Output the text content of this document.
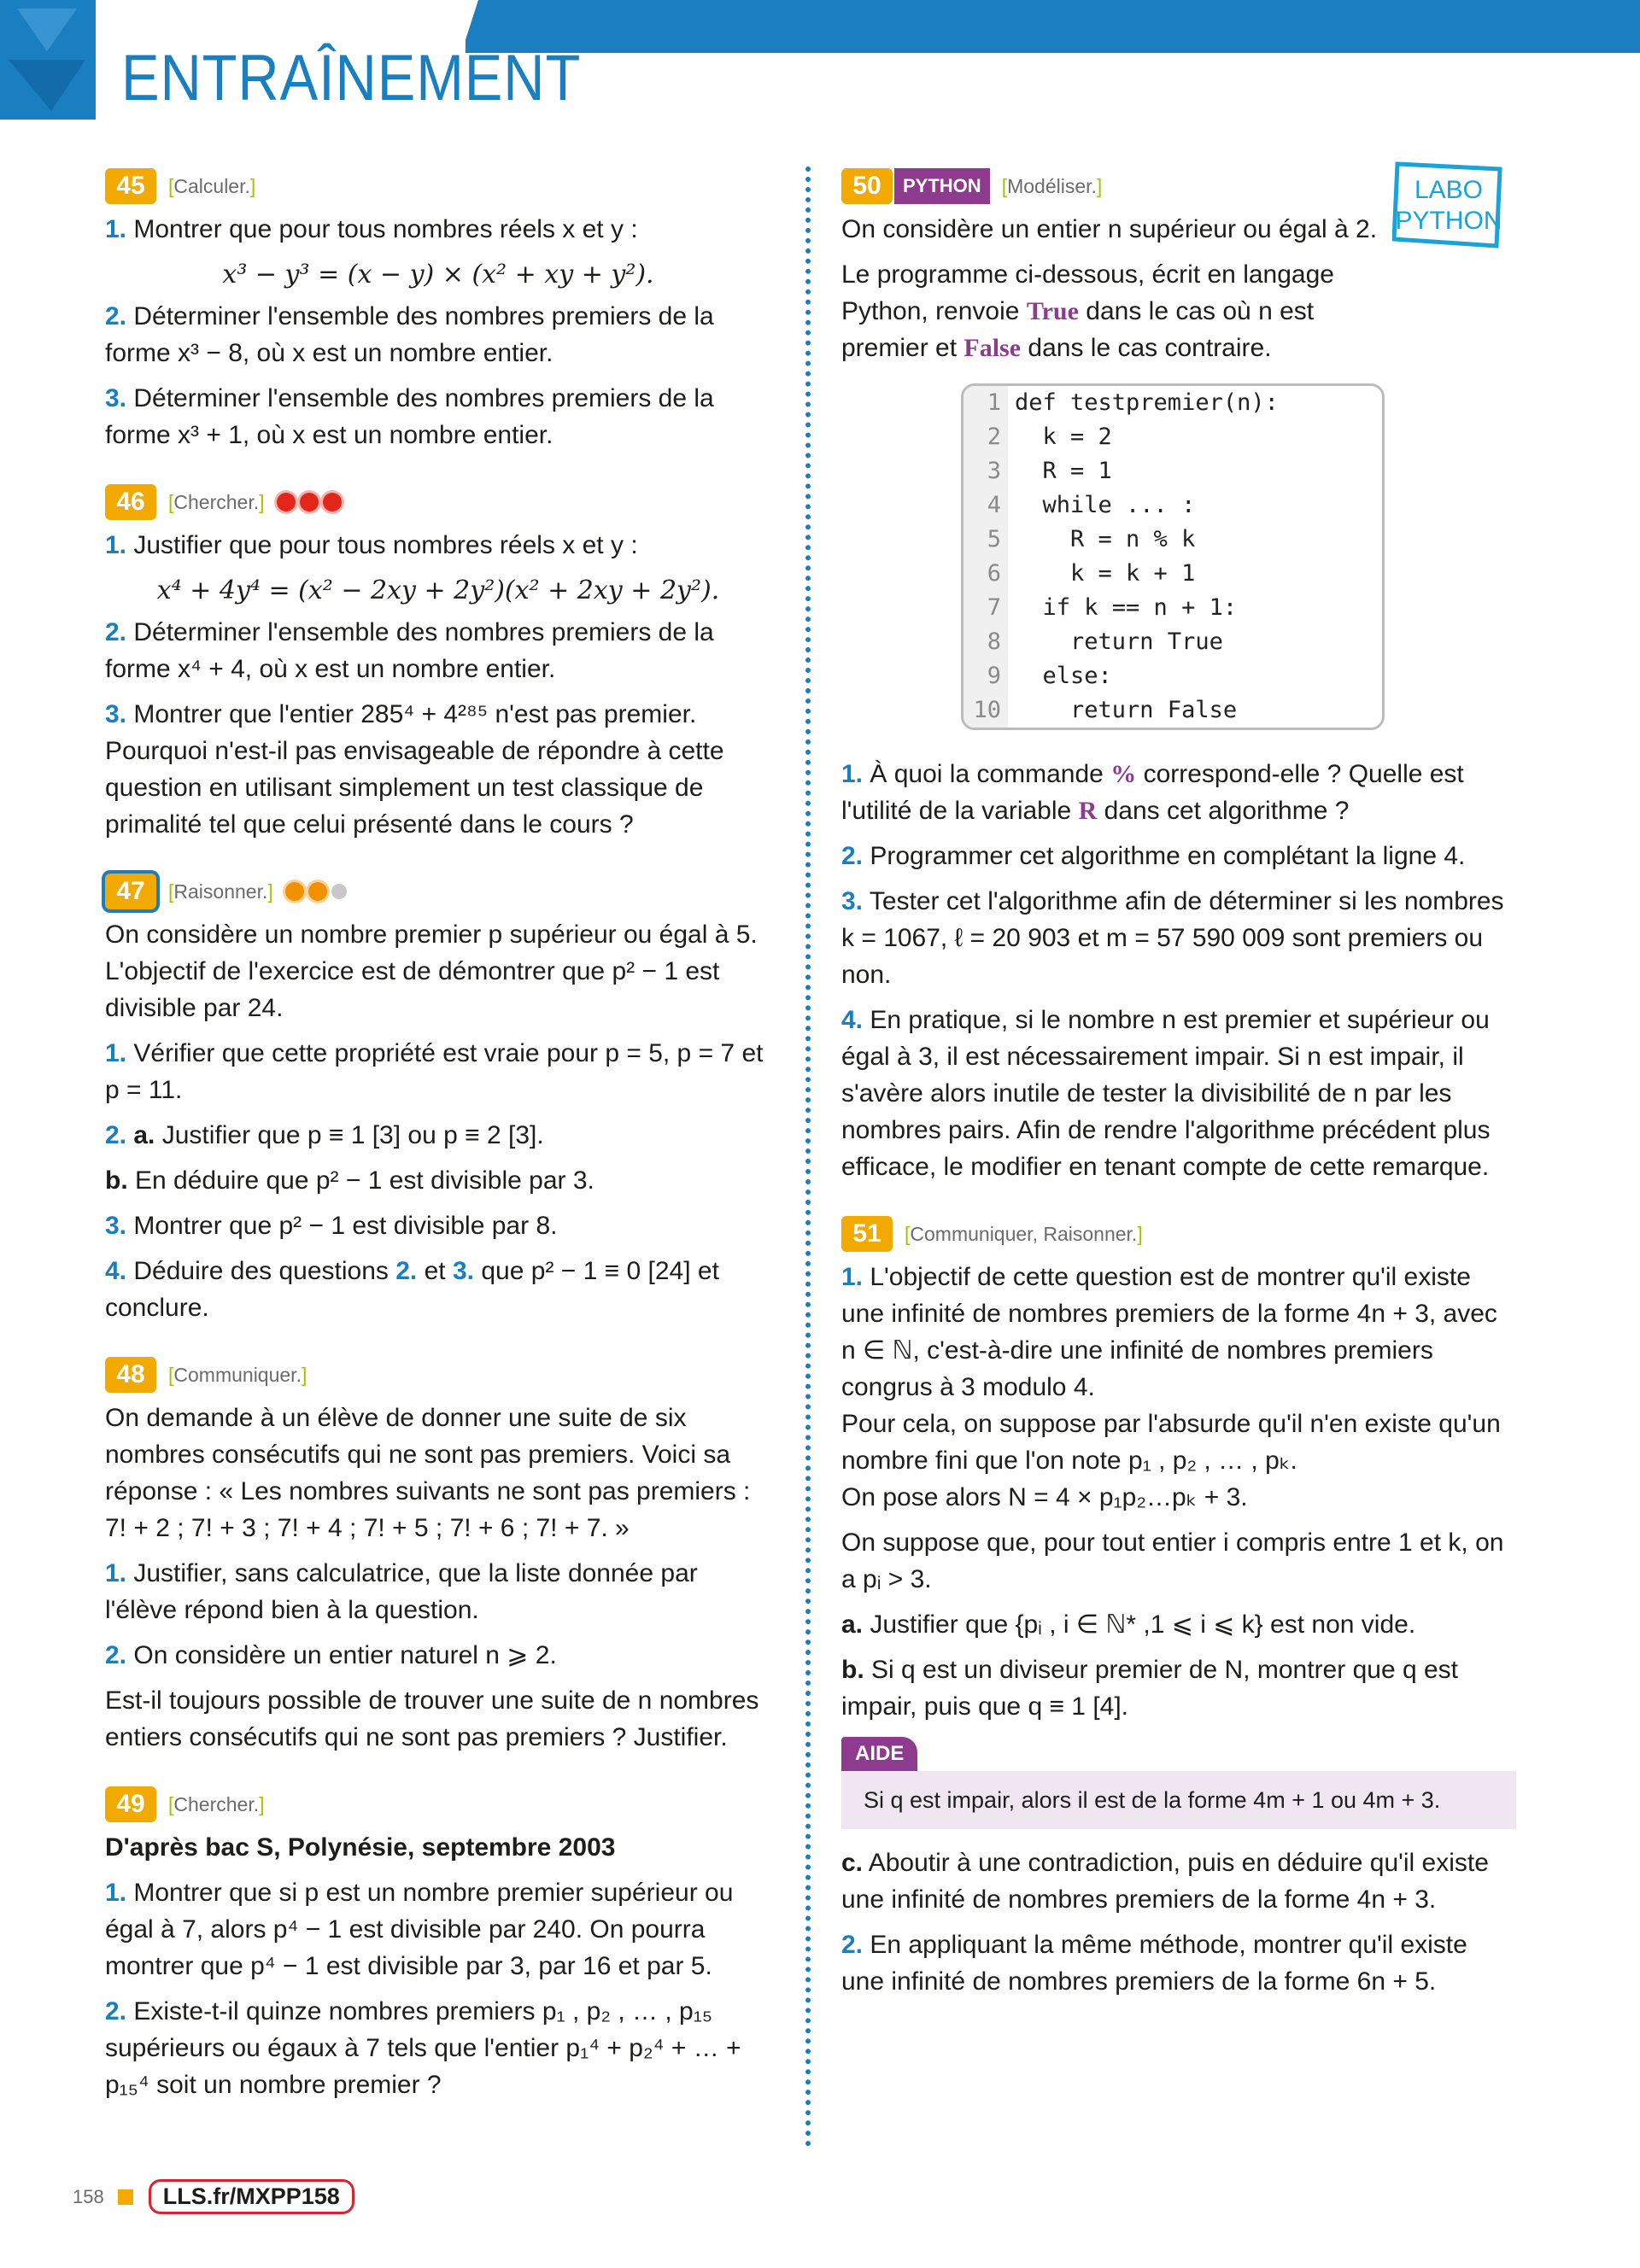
ENTRAÎNEMENT
45	[Calculer.]

1. Montrer que pour tous nombres réels x et y :

x³ − y³ = (x − y) × (x² + xy + y²).

2. Déterminer l'ensemble des nombres premiers de la forme x³ − 8, où x est un nombre entier.

3. Déterminer l'ensemble des nombres premiers de la forme x³ + 1, où x est un nombre entier.

46	[Chercher.]

1. Justifier que pour tous nombres réels x et y :

x⁴ + 4y⁴ = (x² − 2xy + 2y²)(x² + 2xy + 2y²).

2. Déterminer l'ensemble des nombres premiers de la forme x⁴ + 4, où x est un nombre entier.

3. Montrer que l'entier 285⁴ + 4²⁸⁵ n'est pas premier. Pourquoi n'est-il pas envisageable de répondre à cette question en utilisant simplement un test classique de primalité tel que celui présenté dans le cours ?

47	[Raisonner.]

On considère un nombre premier p supérieur ou égal à 5. L'objectif de l'exercice est de démontrer que p² − 1 est divisible par 24.

1. Vérifier que cette propriété est vraie pour p = 5, p = 7 et p = 11.

2. a. Justifier que p ≡ 1 [3] ou p ≡ 2 [3].

b. En déduire que p² − 1 est divisible par 3.

3. Montrer que p² − 1 est divisible par 8.

4. Déduire des questions 2. et 3. que p² − 1 ≡ 0 [24] et conclure.

48	[Communiquer.]

On demande à un élève de donner une suite de six nombres consécutifs qui ne sont pas premiers. Voici sa réponse : « Les nombres suivants ne sont pas premiers : 7! + 2 ; 7! + 3 ; 7! + 4 ; 7! + 5 ; 7! + 6 ; 7! + 7. »

1. Justifier, sans calculatrice, que la liste donnée par l'élève répond bien à la question.

2. On considère un entier naturel n ⩾ 2.

Est-il toujours possible de trouver une suite de n nombres entiers consécutifs qui ne sont pas premiers ? Justifier.

49	[Chercher.]

D'après bac S, Polynésie, septembre 2003

1. Montrer que si p est un nombre premier supérieur ou égal à 7, alors p⁴ − 1 est divisible par 240. On pourra montrer que p⁴ − 1 est divisible par 3, par 16 et par 5.

2. Existe-t-il quinze nombres premiers p₁ , p₂ , … , p₁₅ supérieurs ou égaux à 7 tels que l'entier p₁⁴ + p₂⁴ + … + p₁₅⁴ soit un nombre premier ?

LABO
PYTHON
50	PYTHON	[Modéliser.]

On considère un entier n supérieur ou égal à 2.

Le programme ci-dessous, écrit en langage Python, renvoie True dans le cas où n est premier et False dans le cas contraire.

1 def testpremier(n):
2 k = 2
3 R = 1
4 while ... :
5 R = n % k
6 k = k + 1
7 if k == n + 1:
8 return True
9 else:
10 return False

1. À quoi la commande % correspond-elle ? Quelle est l'utilité de la variable R dans cet algorithme ?

2. Programmer cet algorithme en complétant la ligne 4.

3. Tester cet l'algorithme afin de déterminer si les nombres k = 1067, ℓ = 20 903 et m = 57 590 009 sont premiers ou non.

4. En pratique, si le nombre n est premier et supérieur ou égal à 3, il est nécessairement impair. Si n est impair, il s'avère alors inutile de tester la divisibilité de n par les nombres pairs. Afin de rendre l'algorithme précédent plus efficace, le modifier en tenant compte de cette remarque.

51	[Communiquer, Raisonner.]

1. L'objectif de cette question est de montrer qu'il existe une infinité de nombres premiers de la forme 4n + 3, avec n ∈ ℕ, c'est-à-dire une infinité de nombres premiers congrus à 3 modulo 4.

Pour cela, on suppose par l'absurde qu'il n'en existe qu'un nombre fini que l'on note p₁ , p₂ , … , pₖ.

On pose alors N = 4 × p₁p₂…pₖ + 3.

On suppose que, pour tout entier i compris entre 1 et k, on a pᵢ > 3.

a. Justifier que {pᵢ , i ∈ ℕ* ,1 ⩽ i ⩽ k} est non vide.

b. Si q est un diviseur premier de N, montrer que q est impair, puis que q ≡ 1 [4].

AIDE
Si q est impair, alors il est de la forme 4m + 1 ou 4m + 3.

c. Aboutir à une contradiction, puis en déduire qu'il existe une infinité de nombres premiers de la forme 4n + 3.

2. En appliquant la même méthode, montrer qu'il existe une infinité de nombres premiers de la forme 6n + 5.

158	LLS.fr/MXPP158
